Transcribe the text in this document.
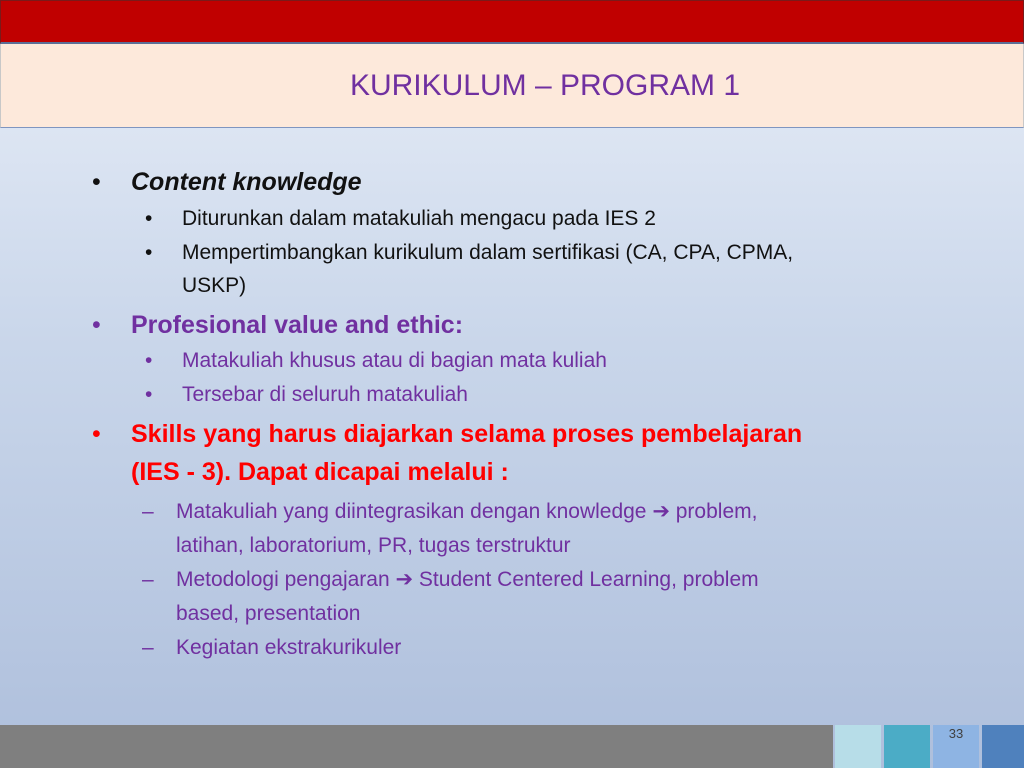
KURIKULUM – PROGRAM 1
• Content knowledge
• Diturunkan dalam matakuliah mengacu pada IES 2
• Mempertimbangkan kurikulum dalam sertifikasi (CA, CPA, CPMA,
USKP)
• Profesional value and ethic:
• Matakuliah khusus atau di bagian mata kuliah
• Tersebar di seluruh matakuliah
• Skills yang harus diajarkan selama proses pembelajaran
(IES - 3). Dapat dicapai melalui :
– Matakuliah yang diintegrasikan dengan knowledge ➔ problem,
latihan, laboratorium, PR, tugas terstruktur
– Metodologi pengajaran ➔ Student Centered Learning, problem
based, presentation
– Kegiatan ekstrakurikuler
33
